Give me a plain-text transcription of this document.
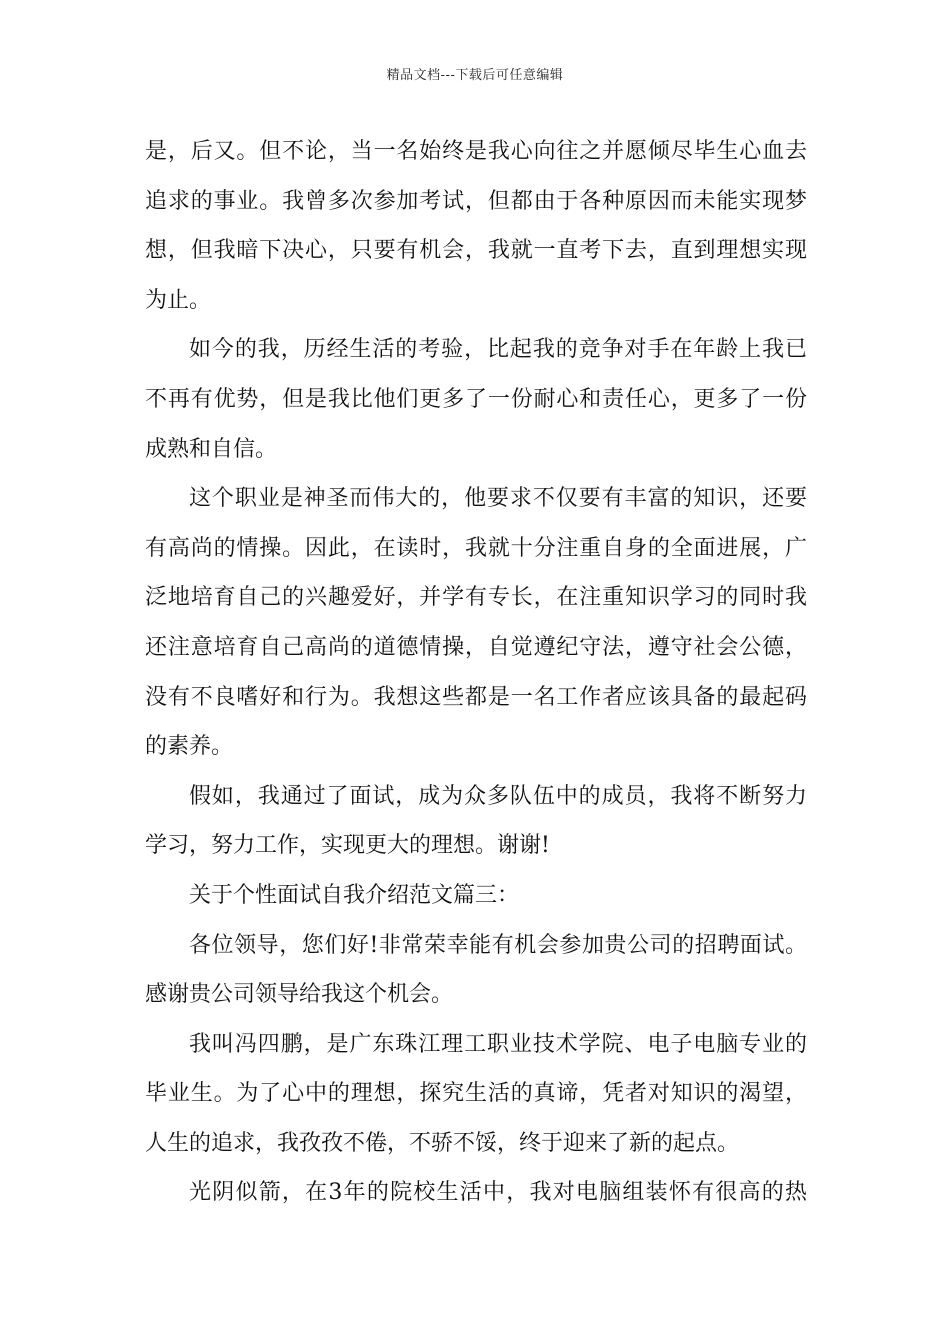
精品文档---下载后可任意编辑
是，后又。但不论，当一名始终是我心向往之并愿倾尽毕生心血去
追求的事业。我曾多次参加考试，但都由于各种原因而未能实现梦
想，但我暗下决心，只要有机会，我就一直考下去，直到理想实现
为止。
如今的我，历经生活的考验，比起我的竞争对手在年龄上我已
不再有优势，但是我比他们更多了一份耐心和责任心，更多了一份
成熟和自信。
这个职业是神圣而伟大的，他要求不仅要有丰富的知识，还要
有高尚的情操。因此，在读时，我就十分注重自身的全面进展，广
泛地培育自己的兴趣爱好，并学有专长，在注重知识学习的同时我
还注意培育自己高尚的道德情操，自觉遵纪守法，遵守社会公德，
没有不良嗜好和行为。我想这些都是一名工作者应该具备的最起码
的素养。
假如，我通过了面试，成为众多队伍中的成员，我将不断努力
学习，努力工作，实现更大的理想。谢谢!
关于个性面试自我介绍范文篇三：
各位领导，您们好!非常荣幸能有机会参加贵公司的招聘面试。
感谢贵公司领导给我这个机会。
我叫冯四鹏，是广东珠江理工职业技术学院、电子电脑专业的
毕业生。为了心中的理想，探究生活的真谛，凭者对知识的渴望，
人生的追求，我孜孜不倦，不骄不馁，终于迎来了新的起点。
光阴似箭，在3年的院校生活中，我对电脑组装怀有很高的热
